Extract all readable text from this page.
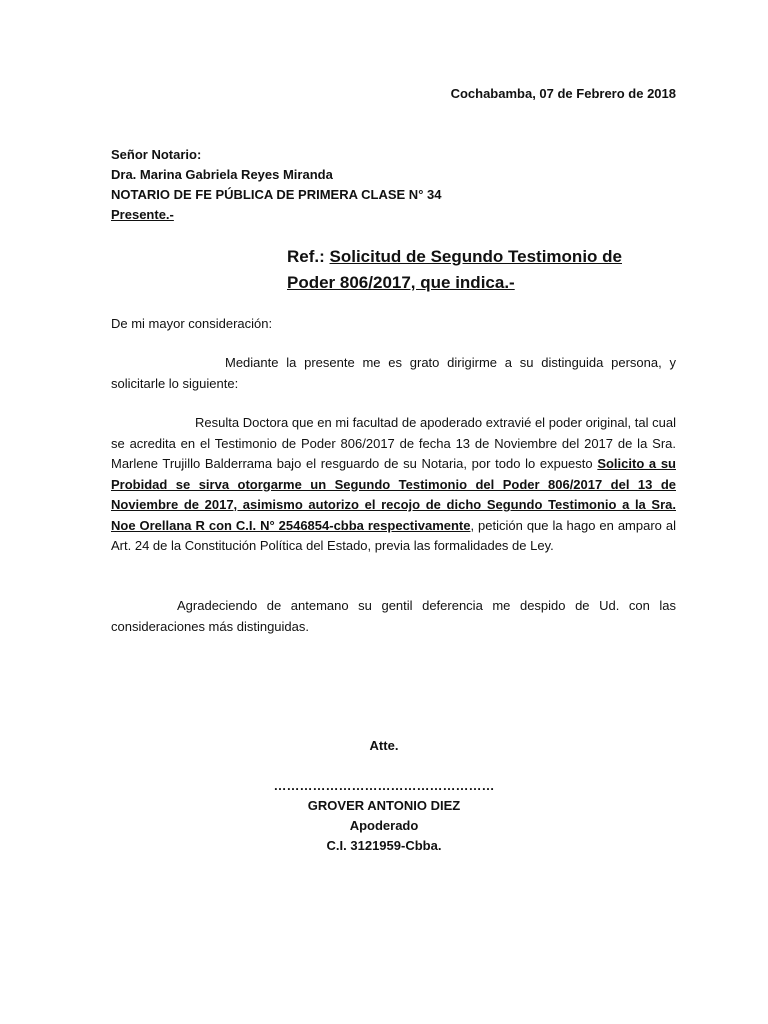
Cochabamba, 07 de Febrero de 2018
Señor Notario:
Dra. Marina Gabriela Reyes Miranda
NOTARIO DE FE PÚBLICA DE PRIMERA CLASE N° 34
Presente.-
Ref.: Solicitud de Segundo Testimonio de
Poder 806/2017, que indica.-
De mi mayor consideración:
Mediante la presente me es grato dirigirme a su distinguida persona, y solicitarle lo siguiente:
Resulta Doctora que en mi facultad de apoderado extravié el poder original, tal cual se acredita en el Testimonio de Poder 806/2017 de fecha 13 de Noviembre del 2017 de la Sra. Marlene Trujillo Balderrama bajo el resguardo de su Notaria, por todo lo expuesto Solicito a su Probidad se sirva otorgarme un Segundo Testimonio del Poder 806/2017 del 13 de Noviembre de 2017, asimismo autorizo el recojo de dicho Segundo Testimonio a la Sra. Noe Orellana R con C.I. N° 2546854-cbba respectivamente, petición que la hago en amparo al Art. 24 de la Constitución Política del Estado, previa las formalidades de Ley.
Agradeciendo de antemano su gentil deferencia me despido de Ud. con las consideraciones más distinguidas.
Atte.
……………………………………………
GROVER ANTONIO DIEZ
Apoderado
C.I. 3121959-Cbba.
